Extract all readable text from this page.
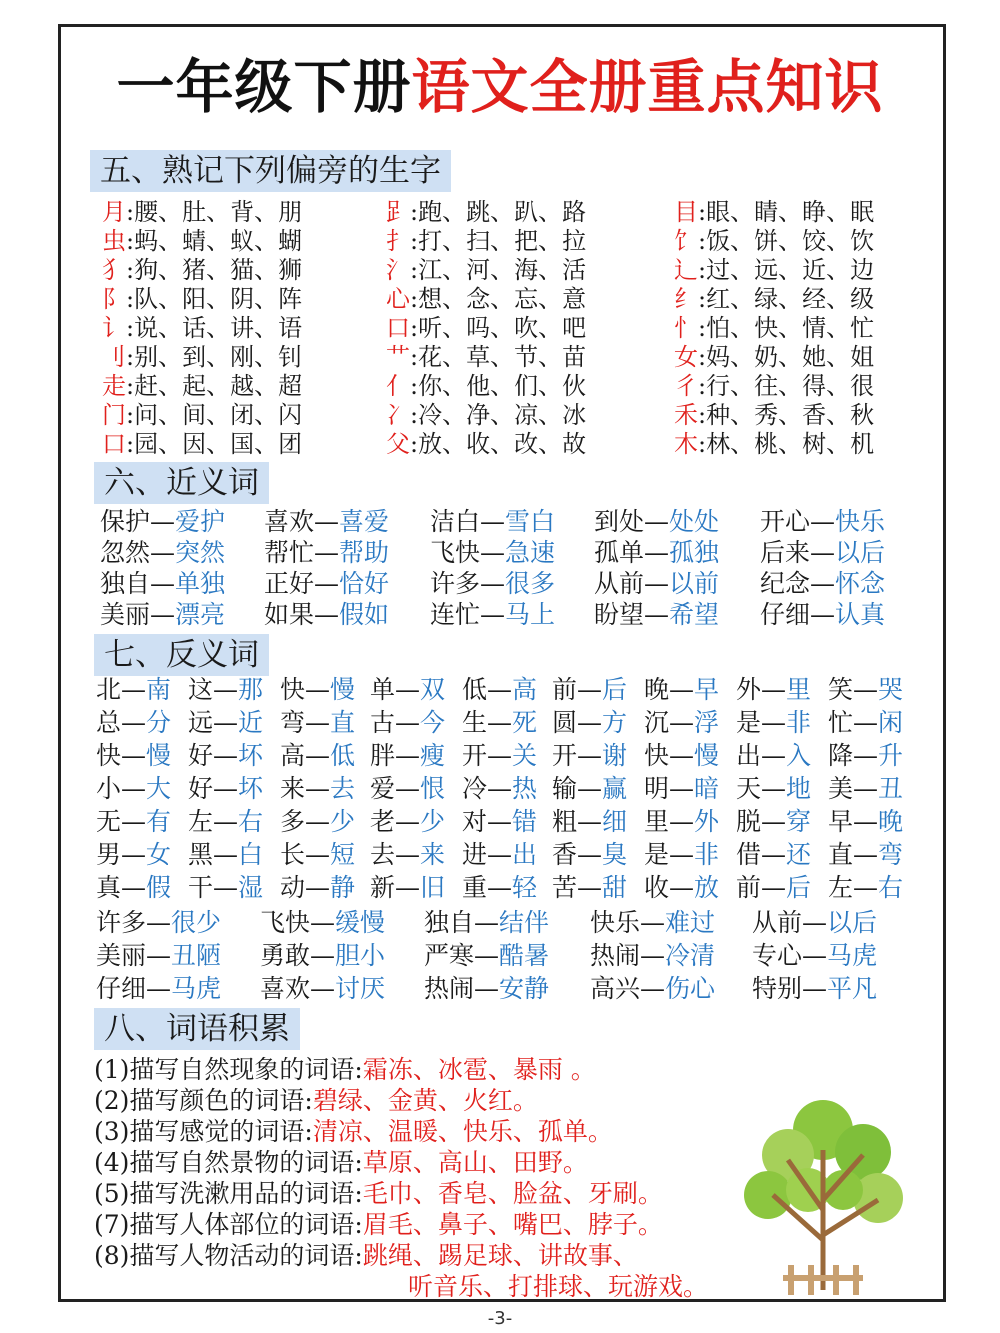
一年级下册语文全册重点知识
五、熟记下列偏旁的生字
月:腰、肚、背、朋
虫:蚂、蜻、蚁、蝴
犭:狗、猪、猫、狮
阝:队、阳、阴、阵
讠:说、话、讲、语
刂:别、到、刚、钊
走:赶、起、越、超
门:问、间、闭、闪
口:园、因、国、团
𧾷:跑、跳、趴、路
扌:打、扫、把、拉
氵:江、河、海、活
心:想、念、忘、意
口:听、吗、吹、吧
艹:花、草、节、苗
亻:你、他、们、伙
冫:冷、净、凉、冰
父:放、收、改、故
目:眼、睛、睁、眠
饣:饭、饼、饺、饮
辶:过、远、近、边
纟:红、绿、经、级
忄:怕、快、情、忙
女:妈、奶、她、姐
彳:行、往、得、很
禾:种、秀、香、秋
木:林、桃、树、机
六、近义词
保护—爱护 喜欢—喜爱 洁白—雪白 到处—处处 开心—快乐
忽然—突然 帮忙—帮助 飞快—急速 孤单—孤独 后来—以后
独自—单独 正好—恰好 许多—很多 从前—以前 纪念—怀念
美丽—漂亮 如果—假如 连忙—马上 盼望—希望 仔细—认真
七、反义词
北—南 这—那 快—慢 单—双 低—高 前—后 晚—早 外—里 笑—哭
总—分 远—近 弯—直 古—今 生—死 圆—方 沉—浮 是—非 忙—闲
快—慢 好—坏 高—低 胖—瘦 开—关 开—谢 快—慢 出—入 降—升
小—大 好—坏 来—去 爱—恨 冷—热 输—赢 明—暗 天—地 美—丑
无—有 左—右 多—少 老—少 对—错 粗—细 里—外 脱—穿 早—晚
男—女 黑—白 长—短 去—来 进—出 香—臭 是—非 借—还 直—弯
真—假 干—湿 动—静 新—旧 重—轻 苦—甜 收—放 前—后 左—右
许多—很少 飞快—缓慢 独自—结伴 快乐—难过 从前—以后
美丽—丑陋 勇敢—胆小 严寒—酷暑 热闹—冷清 专心—马虎
仔细—马虎 喜欢—讨厌 热闹—安静 高兴—伤心 特别—平凡
八、词语积累
(1)描写自然现象的词语:霜冻、冰雹、暴雨 。
(2)描写颜色的词语:碧绿、金黄、火红。
(3)描写感觉的词语:清凉、温暖、快乐、孤单。
(4)描写自然景物的词语:草原、高山、田野。
(5)描写洗漱用品的词语:毛巾、香皂、脸盆、牙刷。
(7)描写人体部位的词语:眉毛、鼻子、嘴巴、脖子。
(8)描写人物活动的词语:跳绳、踢足球、讲故事、
听音乐、打排球、玩游戏。
-3-
